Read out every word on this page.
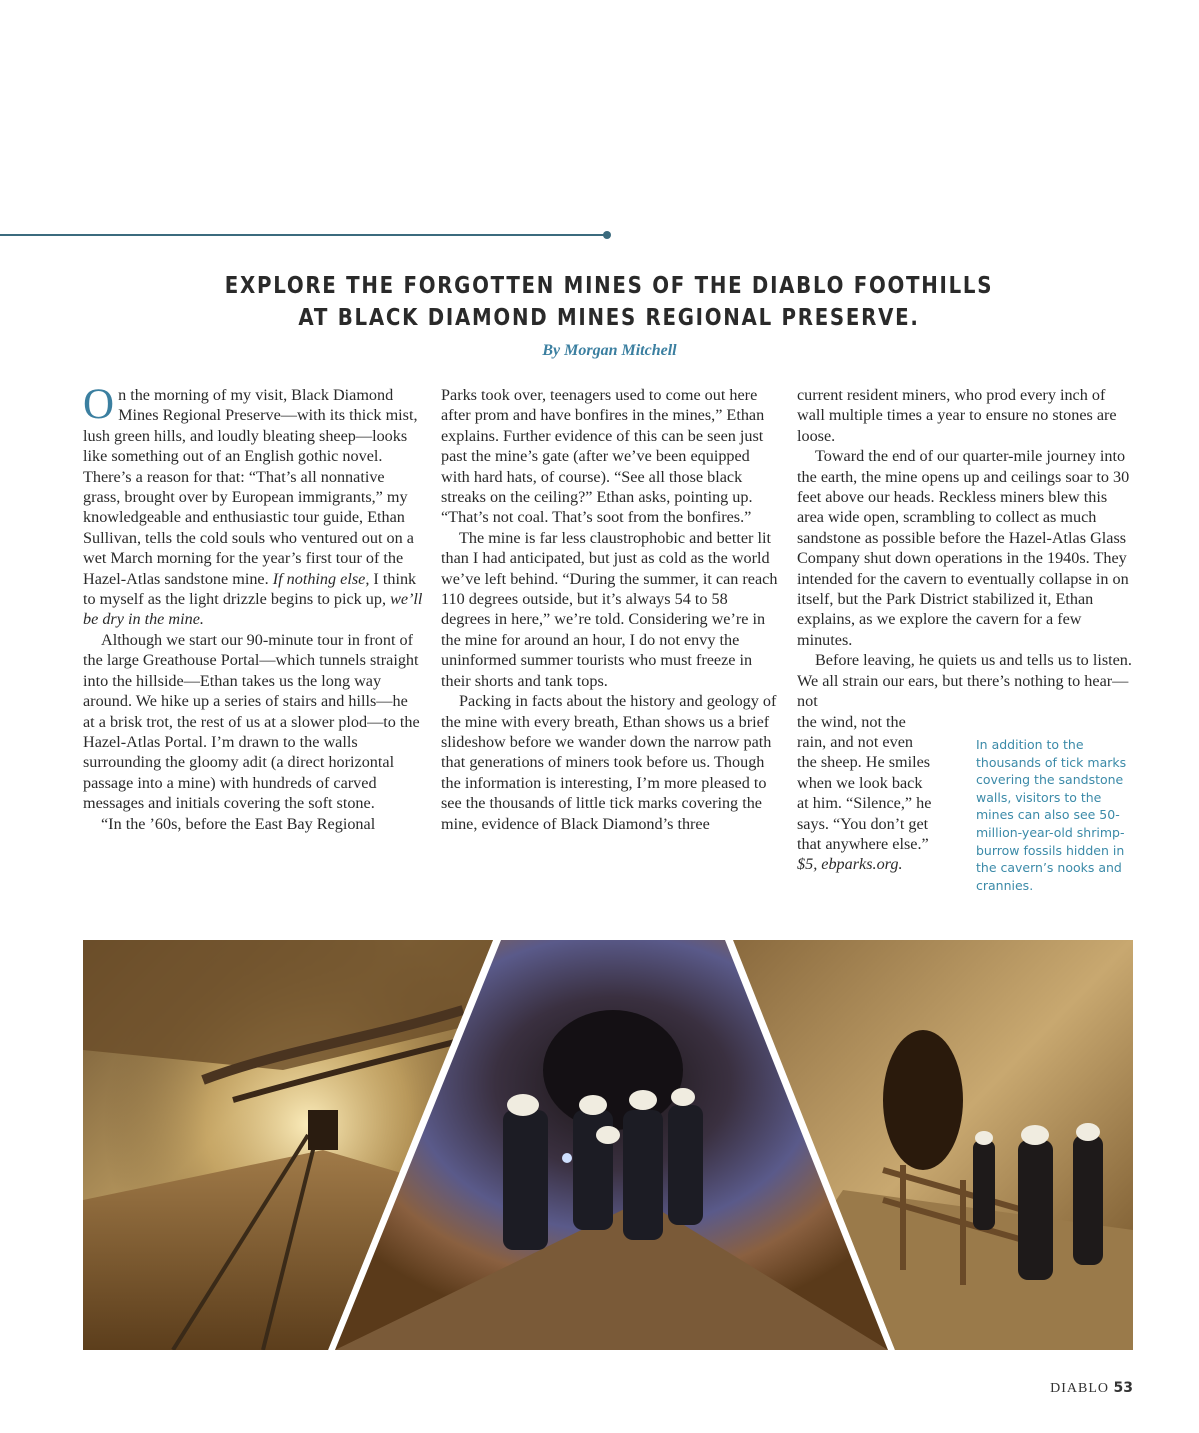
EXPLORE THE FORGOTTEN MINES OF THE DIABLO FOOTHILLS AT BLACK DIAMOND MINES REGIONAL PRESERVE.
By Morgan Mitchell

On the morning of my visit, Black Diamond Mines Regional Preserve—with its thick mist, lush green hills, and loudly bleating sheep—looks like something out of an English gothic novel. There’s a reason for that: “That’s all nonnative grass, brought over by European immigrants,” my knowledgeable and enthusiastic tour guide, Ethan Sullivan, tells the cold souls who ventured out on a wet March morning for the year’s first tour of the Hazel-Atlas sandstone mine. If nothing else, I think to myself as the light drizzle begins to pick up, we’ll be dry in the mine.

Although we start our 90-minute tour in front of the large Greathouse Portal—which tunnels straight into the hillside—Ethan takes us the long way around. We hike up a series of stairs and hills—he at a brisk trot, the rest of us at a slower plod—to the Hazel-Atlas Portal. I’m drawn to the walls surrounding the gloomy adit (a direct horizontal passage into a mine) with hundreds of carved messages and initials covering the soft stone.

“In the ’60s, before the East Bay Regional

Parks took over, teenagers used to come out here after prom and have bonfires in the mines,” Ethan explains. Further evidence of this can be seen just past the mine’s gate (after we’ve been equipped with hard hats, of course). “See all those black streaks on the ceiling?” Ethan asks, pointing up. “That’s not coal. That’s soot from the bonfires.”

The mine is far less claustrophobic and better lit than I had anticipated, but just as cold as the world we’ve left behind. “During the summer, it can reach 110 degrees outside, but it’s always 54 to 58 degrees in here,” we’re told. Considering we’re in the mine for around an hour, I do not envy the uninformed summer tourists who must freeze in their shorts and tank tops.

Packing in facts about the history and geology of the mine with every breath, Ethan shows us a brief slideshow before we wander down the narrow path that generations of miners took before us. Though the information is interesting, I’m more pleased to see the thousands of little tick marks covering the mine, evidence of Black Diamond’s three

current resident miners, who prod every inch of wall multiple times a year to ensure no stones are loose.

Toward the end of our quarter-mile journey into the earth, the mine opens up and ceilings soar to 30 feet above our heads. Reckless miners blew this area wide open, scrambling to collect as much sandstone as possible before the Hazel-Atlas Glass Company shut down operations in the 1940s. They intended for the cavern to eventually collapse in on itself, but the Park District stabilized it, Ethan explains, as we explore the cavern for a few minutes.

Before leaving, he quiets us and tells us to listen. We all strain our ears, but there’s nothing to hear—not
the wind, not the
rain, and not even
the sheep. He smiles
when we look back
at him. “Silence,” he
says. “You don’t get
that anywhere else.”
$5, ebparks.org.

In addition to the thousands of tick marks covering the sandstone walls, visitors to the mines can also see 50-million-year-old shrimp-burrow fossils hidden in the cavern’s nooks and crannies.
DIABLO 53
